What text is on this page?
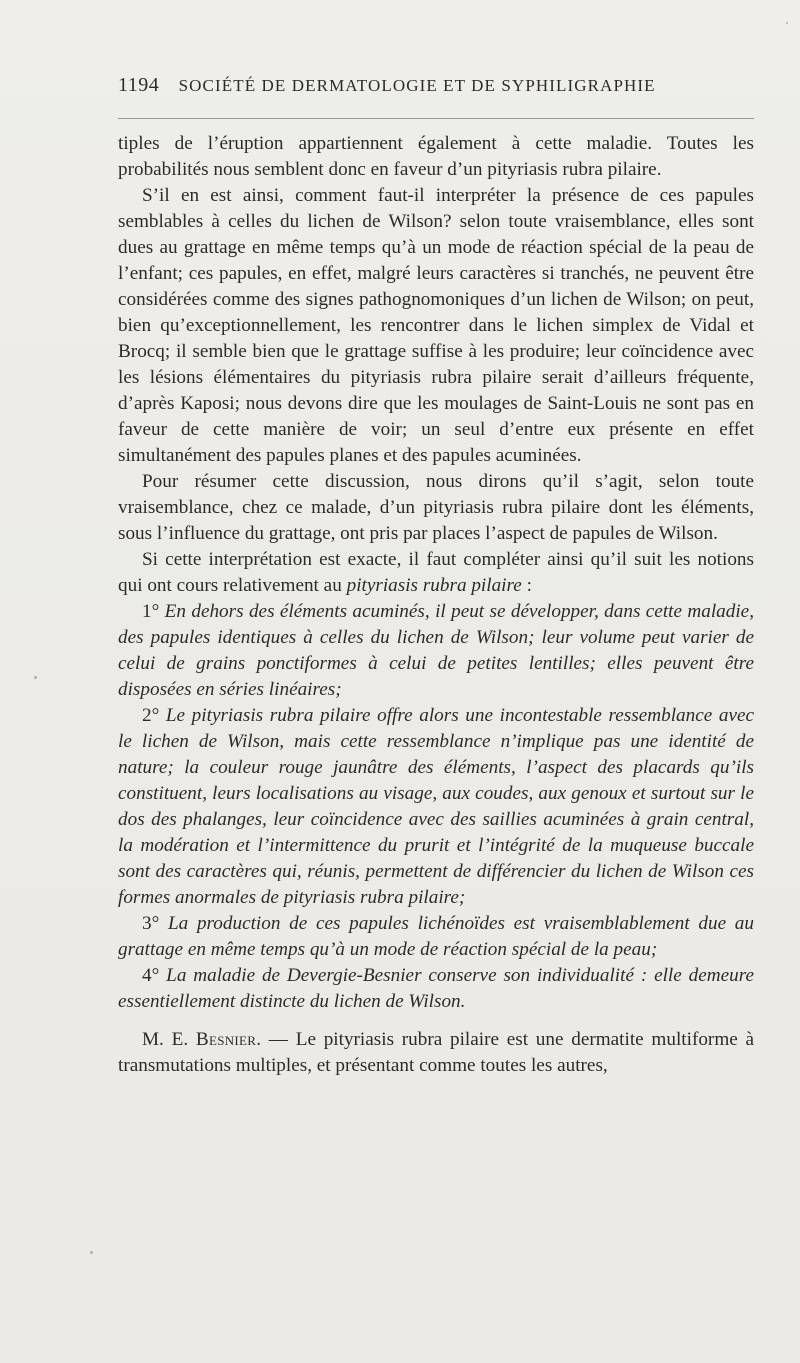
1194 SOCIÉTÉ DE DERMATOLOGIE ET DE SYPHILIGRAPHIE

tiples de l’éruption appartiennent également à cette maladie. Toutes les probabilités nous semblent donc en faveur d’un pityriasis rubra pilaire.

S’il en est ainsi, comment faut-il interpréter la présence de ces papules semblables à celles du lichen de Wilson? selon toute vraisemblance, elles sont dues au grattage en même temps qu’à un mode de réaction spécial de la peau de l’enfant; ces papules, en effet, malgré leurs caractères si tranchés, ne peuvent être considérées comme des signes pathognomoniques d’un lichen de Wilson; on peut, bien qu’exceptionnellement, les rencontrer dans le lichen simplex de Vidal et Brocq; il semble bien que le grattage suffise à les produire; leur coïncidence avec les lésions élémentaires du pityriasis rubra pilaire serait d’ailleurs fréquente, d’après Kaposi; nous devons dire que les moulages de Saint-Louis ne sont pas en faveur de cette manière de voir; un seul d’entre eux présente en effet simultanément des papules planes et des papules acuminées.

Pour résumer cette discussion, nous dirons qu’il s’agit, selon toute vraisemblance, chez ce malade, d’un pityriasis rubra pilaire dont les éléments, sous l’influence du grattage, ont pris par places l’aspect de papules de Wilson.

Si cette interprétation est exacte, il faut compléter ainsi qu’il suit les notions qui ont cours relativement au pityriasis rubra pilaire :

1° En dehors des éléments acuminés, il peut se développer, dans cette maladie, des papules identiques à celles du lichen de Wilson; leur volume peut varier de celui de grains ponctiformes à celui de petites lentilles; elles peuvent être disposées en séries linéaires;

2° Le pityriasis rubra pilaire offre alors une incontestable ressemblance avec le lichen de Wilson, mais cette ressemblance n’implique pas une identité de nature; la couleur rouge jaunâtre des éléments, l’aspect des placards qu’ils constituent, leurs localisations au visage, aux coudes, aux genoux et surtout sur le dos des phalanges, leur coïncidence avec des saillies acuminées à grain central, la modération et l’intermittence du prurit et l’intégrité de la muqueuse buccale sont des caractères qui, réunis, permettent de différencier du lichen de Wilson ces formes anormales de pityriasis rubra pilaire;

3° La production de ces papules lichénoïdes est vraisemblablement due au grattage en même temps qu’à un mode de réaction spécial de la peau;

4° La maladie de Devergie-Besnier conserve son individualité : elle demeure essentiellement distincte du lichen de Wilson.

M. E. Besnier. — Le pityriasis rubra pilaire est une dermatite multiforme à transmutations multiples, et présentant comme toutes les autres,
